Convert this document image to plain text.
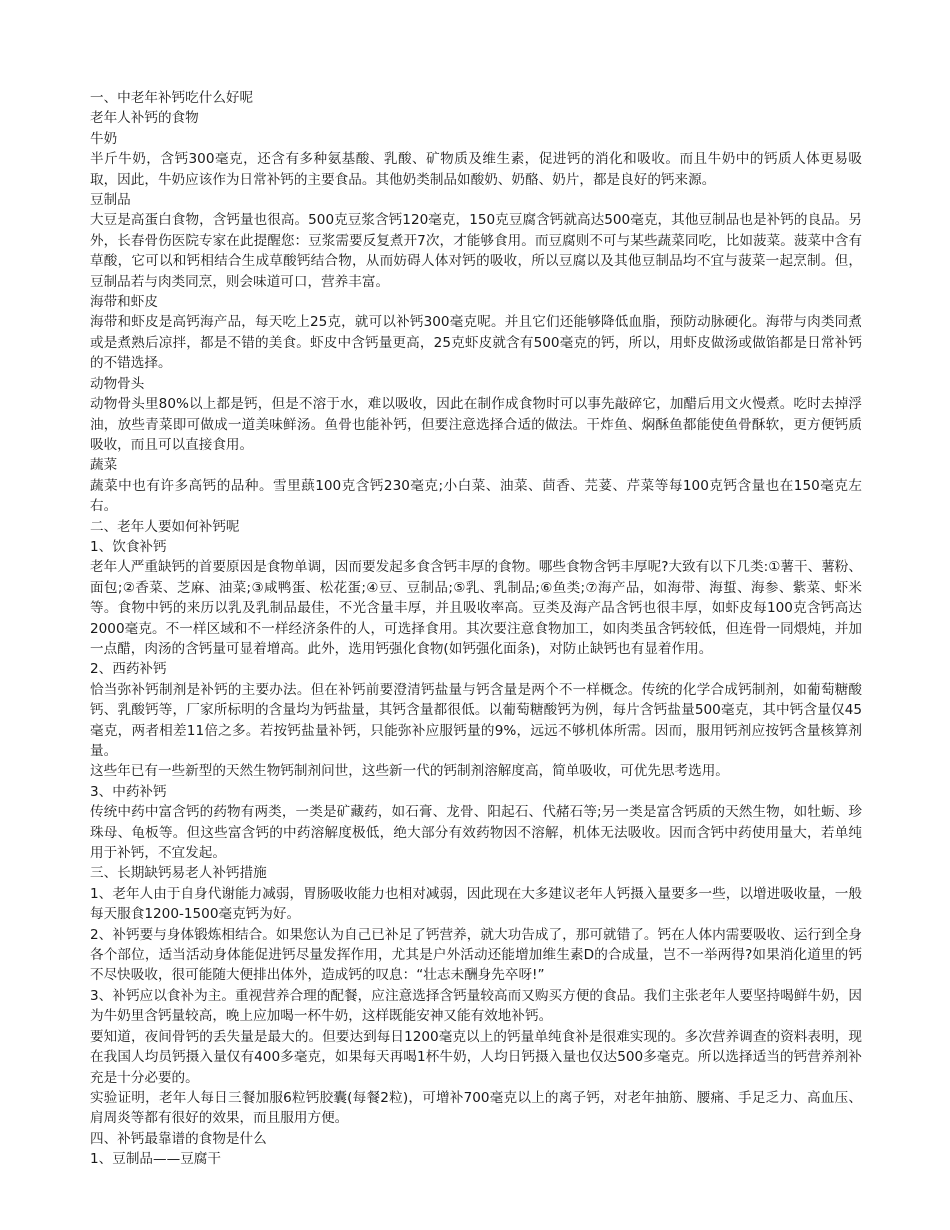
一、中老年补钙吃什么好呢

老年人补钙的食物

牛奶

半斤牛奶，含钙300毫克，还含有多种氨基酸、乳酸、矿物质及维生素，促进钙的消化和吸收。而且牛奶中的钙质人体更易吸取，因此，牛奶应该作为日常补钙的主要食品。其他奶类制品如酸奶、奶酪、奶片，都是良好的钙来源。

豆制品

大豆是高蛋白食物，含钙量也很高。500克豆浆含钙120毫克，150克豆腐含钙就高达500毫克，其他豆制品也是补钙的良品。另外，长春骨伤医院专家在此提醒您：豆浆需要反复煮开7次，才能够食用。而豆腐则不可与某些蔬菜同吃，比如菠菜。菠菜中含有草酸，它可以和钙相结合生成草酸钙结合物，从而妨碍人体对钙的吸收，所以豆腐以及其他豆制品均不宜与菠菜一起烹制。但，豆制品若与肉类同烹，则会味道可口，营养丰富。

海带和虾皮

海带和虾皮是高钙海产品，每天吃上25克，就可以补钙300毫克呢。并且它们还能够降低血脂，预防动脉硬化。海带与肉类同煮或是煮熟后凉拌，都是不错的美食。虾皮中含钙量更高，25克虾皮就含有500毫克的钙，所以，用虾皮做汤或做馅都是日常补钙的不错选择。

动物骨头

动物骨头里80%以上都是钙，但是不溶于水，难以吸收，因此在制作成食物时可以事先敲碎它，加醋后用文火慢煮。吃时去掉浮油，放些青菜即可做成一道美味鲜汤。鱼骨也能补钙，但要注意选择合适的做法。干炸鱼、焖酥鱼都能使鱼骨酥软，更方便钙质吸收，而且可以直接食用。

蔬菜

蔬菜中也有许多高钙的品种。雪里蕻100克含钙230毫克;小白菜、油菜、茴香、芫荽、芹菜等每100克钙含量也在150毫克左右。

二、老年人要如何补钙呢

1、饮食补钙

老年人严重缺钙的首要原因是食物单调，因而要发起多食含钙丰厚的食物。哪些食物含钙丰厚呢?大致有以下几类:①薯干、薯粉、面包;②香菜、芝麻、油菜;③咸鸭蛋、松花蛋;④豆、豆制品;⑤乳、乳制品;⑥鱼类;⑦海产品，如海带、海蜇、海参、紫菜、虾米等。食物中钙的来历以乳及乳制品最佳，不光含量丰厚，并且吸收率高。豆类及海产品含钙也很丰厚，如虾皮每100克含钙高达2000毫克。不一样区域和不一样经济条件的人，可选择食用。其次要注意食物加工，如肉类虽含钙较低，但连骨一同煨炖，并加一点醋，肉汤的含钙量可显着增高。此外，选用钙强化食物(如钙强化面条)，对防止缺钙也有显着作用。

2、西药补钙

恰当弥补钙制剂是补钙的主要办法。但在补钙前要澄清钙盐量与钙含量是两个不一样概念。传统的化学合成钙制剂，如葡萄糖酸钙、乳酸钙等，厂家所标明的含量均为钙盐量，其钙含量都很低。以葡萄糖酸钙为例，每片含钙盐量500毫克，其中钙含量仅45毫克，两者相差11倍之多。若按钙盐量补钙，只能弥补应服钙量的9%，远远不够机体所需。因而，服用钙剂应按钙含量核算剂量。

这些年已有一些新型的天然生物钙制剂问世，这些新一代的钙制剂溶解度高，简单吸收，可优先思考选用。

3、中药补钙

传统中药中富含钙的药物有两类，一类是矿藏药，如石膏、龙骨、阳起石、代赭石等;另一类是富含钙质的天然生物，如牡蛎、珍珠母、龟板等。但这些富含钙的中药溶解度极低，绝大部分有效药物因不溶解，机体无法吸收。因而含钙中药使用量大，若单纯用于补钙，不宜发起。

三、长期缺钙易老人补钙措施

1、老年人由于自身代谢能力减弱，胃肠吸收能力也相对减弱，因此现在大多建议老年人钙摄入量要多一些，以增进吸收量，一般每天服食1200-1500毫克钙为好。

2、补钙要与身体锻炼相结合。如果您认为自己已补足了钙营养，就大功告成了，那可就错了。钙在人体内需要吸收、运行到全身各个部位，适当活动身体能促进钙尽量发挥作用，尤其是户外活动还能增加维生素D的合成量，岂不一举两得?如果消化道里的钙不尽快吸收，很可能随大便排出体外，造成钙的叹息：“壮志未酬身先卒呀!”

3、补钙应以食补为主。重视营养合理的配餐，应注意选择含钙量较高而又购买方便的食品。我们主张老年人要坚持喝鲜牛奶，因为牛奶里含钙量较高，晚上应加喝一杯牛奶，这样既能安神又能有效地补钙。

要知道，夜间骨钙的丢失量是最大的。但要达到每日1200毫克以上的钙量单纯食补是很难实现的。多次营养调查的资料表明，现在我国人均员钙摄入量仅有400多毫克，如果每天再喝1杯牛奶，人均日钙摄入量也仅达500多毫克。所以选择适当的钙营养剂补充是十分必要的。

实验证明，老年人每日三餐加服6粒钙胶囊(每餐2粒)，可增补700毫克以上的离子钙，对老年抽筋、腰痛、手足乏力、高血压、肩周炎等都有很好的效果，而且服用方便。

四、补钙最靠谱的食物是什么

1、豆制品——豆腐干
